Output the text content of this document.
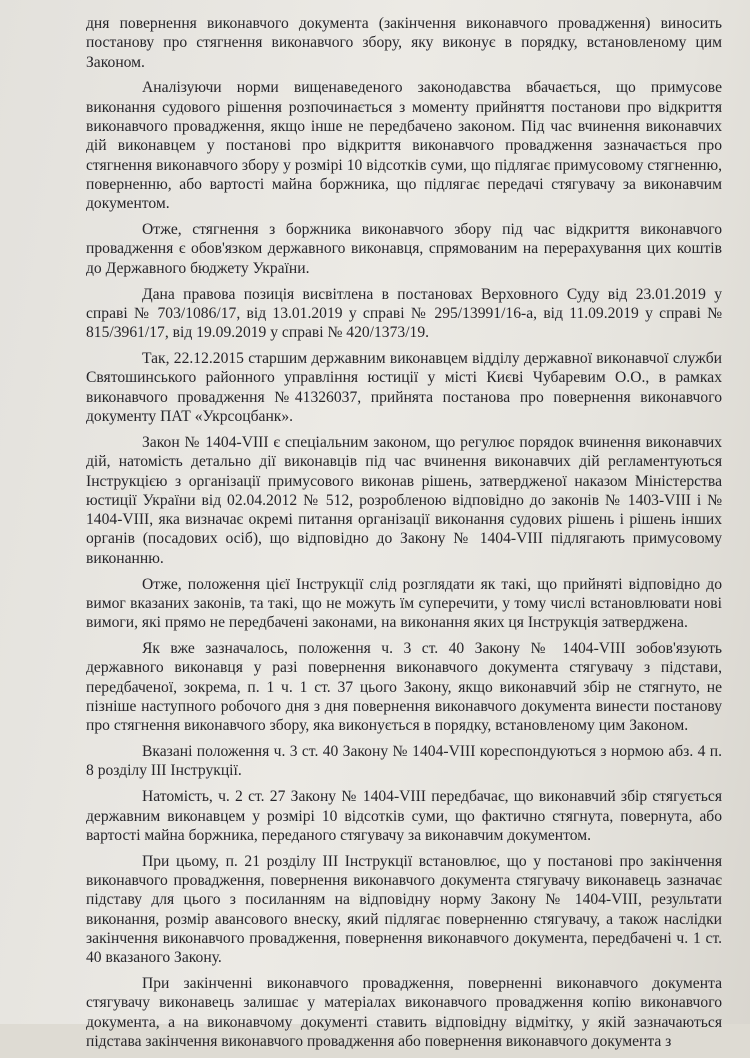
дня повернення виконавчого документа (закінчення виконавчого провадження) виносить постанову про стягнення виконавчого збору, яку виконує в порядку, встановленому цим Законом.

Аналізуючи норми вищенаведеного законодавства вбачається, що примусове виконання судового рішення розпочинається з моменту прийняття постанови про відкриття виконавчого провадження, якщо інше не передбачено законом. Під час вчинення виконавчих дій виконавцем у постанові про відкриття виконавчого провадження зазначається про стягнення виконавчого збору у розмірі 10 відсотків суми, що підлягає примусовому стягненню, поверненню, або вартості майна боржника, що підлягає передачі стягувачу за виконавчим документом.

Отже, стягнення з боржника виконавчого збору під час відкриття виконавчого провадження є обов'язком державного виконавця, спрямованим на перерахування цих коштів до Державного бюджету України.

Дана правова позиція висвітлена в постановах Верховного Суду від 23.01.2019 у справі № 703/1086/17, від 13.01.2019 у справі № 295/13991/16-а, від 11.09.2019 у справі № 815/3961/17, від 19.09.2019 у справі № 420/1373/19.

Так, 22.12.2015 старшим державним виконавцем відділу державної виконавчої служби Святошинського районного управління юстиції у місті Києві Чубаревим О.О., в рамках виконавчого провадження №41326037, прийнята постанова про повернення виконавчого документу ПАТ «Укрсоцбанк».

Закон № 1404-VIII є спеціальним законом, що регулює порядок вчинення виконавчих дій, натомість детально дії виконавців під час вчинення виконавчих дій регламентуються Інструкцією з організації примусового виконав рішень, затвердженої наказом Міністерства юстиції України від 02.04.2012 № 512, розробленою відповідно до законів № 1403-VIII і № 1404-VIII, яка визначає окремі питання організації виконання судових рішень і рішень інших органів (посадових осіб), що відповідно до Закону № 1404-VIII підлягають примусовому виконанню.

Отже, положення цієї Інструкції слід розглядати як такі, що прийняті відповідно до вимог вказаних законів, та такі, що не можуть їм суперечити, у тому числі встановлювати нові вимоги, які прямо не передбачені законами, на виконання яких ця Інструкція затверджена.

Як вже зазначалось, положення ч. 3 ст. 40 Закону № 1404-VIII зобов'язують державного виконавця у разі повернення виконавчого документа стягувачу з підстави, передбаченої, зокрема, п. 1 ч. 1 ст. 37 цього Закону, якщо виконавчий збір не стягнуто, не пізніше наступного робочого дня з дня повернення виконавчого документа винести постанову про стягнення виконавчого збору, яка виконується в порядку, встановленому цим Законом.

Вказані положення ч. 3 ст. 40 Закону № 1404-VIII кореспондуються з нормою абз. 4 п. 8 розділу III Інструкції.

Натомість, ч. 2 ст. 27 Закону № 1404-VIII передбачає, що виконавчий збір стягується державним виконавцем у розмірі 10 відсотків суми, що фактично стягнута, повернута, або вартості майна боржника, переданого стягувачу за виконавчим документом.

При цьому, п. 21 розділу III Інструкції встановлює, що у постанові про закінчення виконавчого провадження, повернення виконавчого документа стягувачу виконавець зазначає підставу для цього з посиланням на відповідну норму Закону № 1404-VIII, результати виконання, розмір авансового внеску, який підлягає поверненню стягувачу, а також наслідки закінчення виконавчого провадження, повернення виконавчого документа, передбачені ч. 1 ст. 40 вказаного Закону.

При закінченні виконавчого провадження, поверненні виконавчого документа стягувачу виконавець залишає у матеріалах виконавчого провадження копію виконавчого документа, а на виконавчому документі ставить відповідну відмітку, у якій зазначаються підстава закінчення виконавчого провадження або повернення виконавчого документа з
